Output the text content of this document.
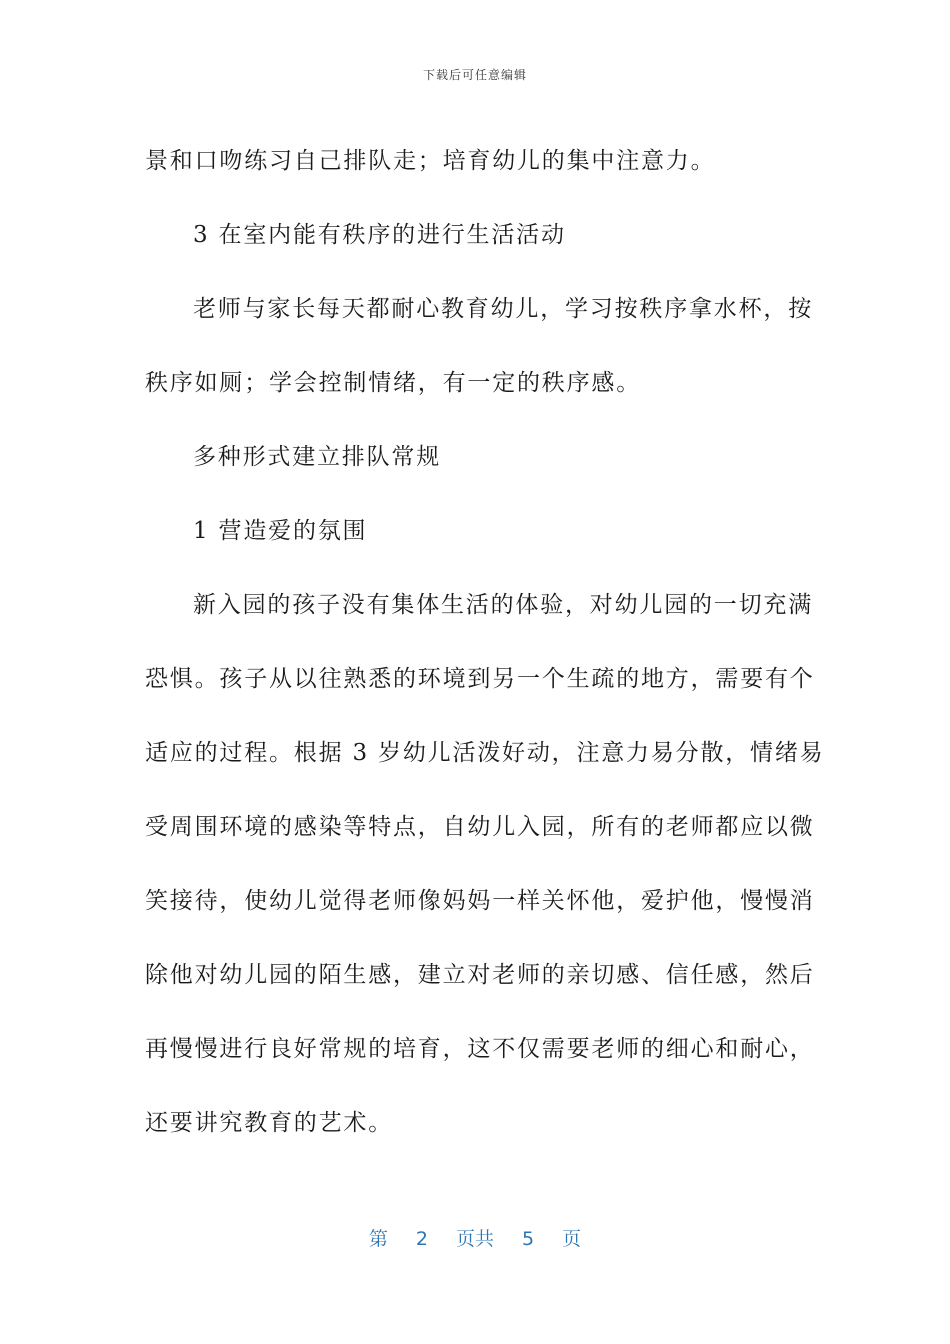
下载后可任意编辑
景和口吻练习自己排队走；培育幼儿的集中注意力。
3 在室内能有秩序的进行生活活动
老师与家长每天都耐心教育幼儿，学习按秩序拿水杯，按
秩序如厕；学会控制情绪，有一定的秩序感。
多种形式建立排队常规
1 营造爱的氛围
新入园的孩子没有集体生活的体验，对幼儿园的一切充满
恐惧。孩子从以往熟悉的环境到另一个生疏的地方，需要有个
适应的过程。根据 3 岁幼儿活泼好动，注意力易分散，情绪易
受周围环境的感染等特点，自幼儿入园，所有的老师都应以微
笑接待，使幼儿觉得老师像妈妈一样关怀他，爱护他，慢慢消
除他对幼儿园的陌生感，建立对老师的亲切感、信任感，然后
再慢慢进行良好常规的培育，这不仅需要老师的细心和耐心，
还要讲究教育的艺术。
第 2 页共 5 页
